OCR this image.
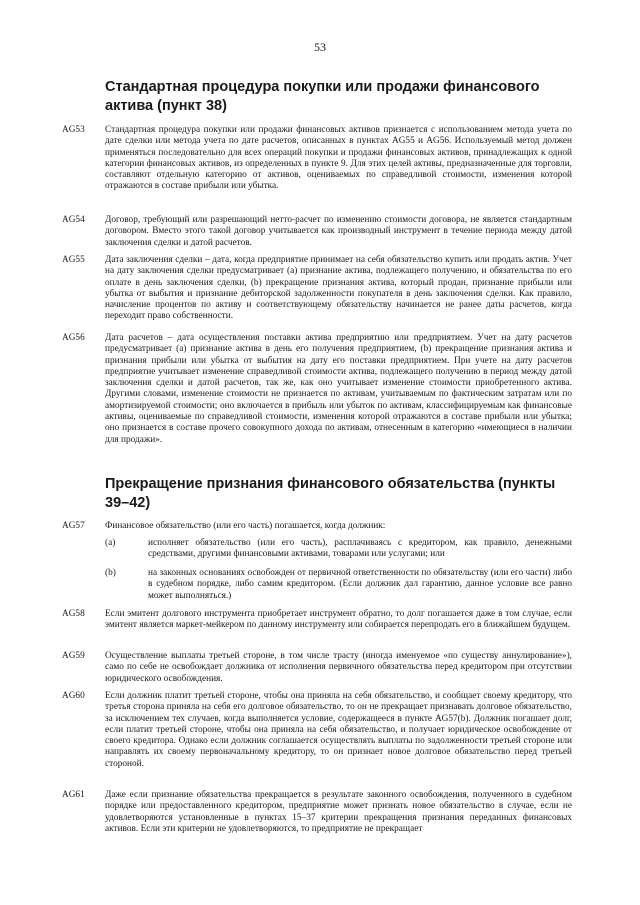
53
Стандартная процедура покупки или продажи финансового актива (пункт 38)
AG53	Стандартная процедура покупки или продажи финансовых активов признается с использованием метода учета по дате сделки или метода учета по дате расчетов, описанных в пунктах AG55 и AG56. Используемый метод должен применяться последовательно для всех операций покупки и продажи финансовых активов, принадлежащих к одной категории финансовых активов, из определенных в пункте 9. Для этих целей активы, предназначенные для торговли, составляют отдельную категорию от активов, оцениваемых по справедливой стоимости, изменения которой отражаются в составе прибыли или убытка.
AG54	Договор, требующий или разрешающий нетто-расчет по изменению стоимости договора, не является стандартным договором. Вместо этого такой договор учитывается как производный инструмент в течение периода между датой заключения сделки и датой расчетов.
AG55	Дата заключения сделки – дата, когда предприятие принимает на себя обязательство купить или продать актив. Учет на дату заключения сделки предусматривает (a) признание актива, подлежащего получению, и обязательства по его оплате в день заключения сделки, (b) прекращение признания актива, который продан, признание прибыли или убытка от выбытия и признание дебиторской задолженности покупателя в день заключения сделки. Как правило, начисление процентов по активу и соответствующему обязательству начинается не ранее даты расчетов, когда переходит право собственности.
AG56	Дата расчетов – дата осуществления поставки актива предприятию или предприятием. Учет на дату расчетов предусматривает (a) признание актива в день его получения предприятием, (b) прекращение признания актива и признания прибыли или убытка от выбытия на дату его поставки предприятием. При учете на дату расчетов предприятие учитывает изменение справедливой стоимости актива, подлежащего получению в период между датой заключения сделки и датой расчетов, так же, как оно учитывает изменение стоимости приобретенного актива. Другими словами, изменение стоимости не признается по активам, учитываемым по фактическим затратам или по амортизируемой стоимости; оно включается в прибыль или убыток по активам, классифицируемым как финансовые активы, оцениваемые по справедливой стоимости, изменения которой отражаются в составе прибыли или убытка; оно признается в составе прочего совокупного дохода по активам, отнесенным в категорию «имеющиеся в наличии для продажи».
Прекращение признания финансового обязательства (пункты 39–42)
AG57	Финансовое обязательство (или его часть) погашается, когда должник:
(a)	исполняет обязательство (или его часть), расплачиваясь с кредитором, как правило, денежными средствами, другими финансовыми активами, товарами или услугами; или
(b)	на законных основаниях освобожден от первичной ответственности по обязательству (или его части) либо в судебном порядке, либо самим кредитором. (Если должник дал гарантию, данное условие все равно может выполняться.)
AG58	Если эмитент долгового инструмента приобретает инструмент обратно, то долг погашается даже в том случае, если эмитент является маркет-мейкером по данному инструменту или собирается перепродать его в ближайшем будущем.
AG59	Осуществление выплаты третьей стороне, в том числе трасту (иногда именуемое «по существу аннулирование»), само по себе не освобождает должника от исполнения первичного обязательства перед кредитором при отсутствии юридического освобождения.
AG60	Если должник платит третьей стороне, чтобы она приняла на себя обязательство, и сообщает своему кредитору, что третья сторона приняла на себя его долговое обязательство, то он не прекращает признавать долговое обязательство, за исключением тех случаев, когда выполняется условие, содержащееся в пункте AG57(b). Должник погашает долг, если платит третьей стороне, чтобы она приняла на себя обязательство, и получает юридическое освобождение от своего кредитора. Однако если должник соглашается осуществлять выплаты по задолженности третьей стороне или направлять их своему первоначальному кредитору, то он признает новое долговое обязательство перед третьей стороной.
AG61	Даже если признание обязательства прекращается в результате законного освобождения, полученного в судебном порядке или предоставленного кредитором, предприятие может признать новое обязательство в случае, если не удовлетворяются установленные в пунктах 15–37 критерии прекращения признания переданных финансовых активов. Если эти критерии не удовлетворяются, то предприятие не прекращает
